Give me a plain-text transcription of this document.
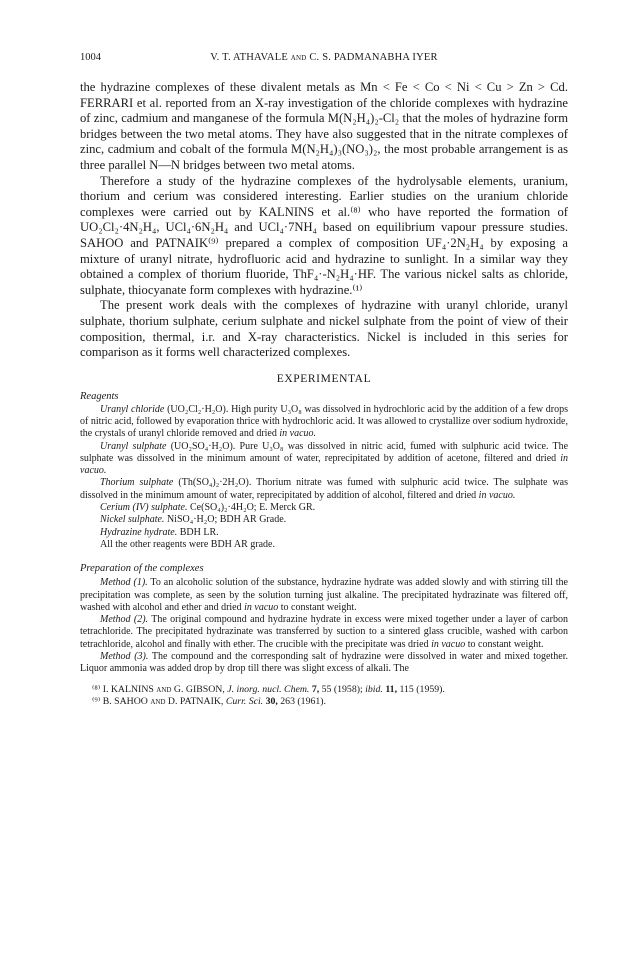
1004	V. T. ATHAVALE and C. S. PADMANABHA IYER

the hydrazine complexes of these divalent metals as Mn < Fe < Co < Ni < Cu > Zn > Cd. FERRARI et al. reported from an X-ray investigation of the chloride complexes with hydrazine of zinc, cadmium and manganese of the formula M(N₂H₄)₂-Cl₂ that the moles of hydrazine form bridges between the two metal atoms. They have also suggested that in the nitrate complexes of zinc, cadmium and cobalt of the formula M(N₂H₄)₃(NO₃)₂, the most probable arrangement is as three parallel N—N bridges between two metal atoms.

Therefore a study of the hydrazine complexes of the hydrolysable elements, uranium, thorium and cerium was considered interesting. Earlier studies on the uranium chloride complexes were carried out by KALNINS et al.⁽⁸⁾ who have reported the formation of UO₂Cl₂·4N₂H₄, UCl₄·6N₂H₄ and UCl₄·7NH₄ based on equilibrium vapour pressure studies. SAHOO and PATNAIK⁽⁹⁾ prepared a complex of composition UF₄·2N₂H₄ by exposing a mixture of uranyl nitrate, hydrofluoric acid and hydrazine to sunlight. In a similar way they obtained a complex of thorium fluoride, ThF₄·-N₂H₄·HF. The various nickel salts as chloride, sulphate, thiocyanate form complexes with hydrazine.⁽¹⁾

The present work deals with the complexes of hydrazine with uranyl chloride, uranyl sulphate, thorium sulphate, cerium sulphate and nickel sulphate from the point of view of their composition, thermal, i.r. and X-ray characteristics. Nickel is included in this series for comparison as it forms well characterized complexes.

EXPERIMENTAL
Reagents

Uranyl chloride (UO₂Cl₂·H₂O). High purity U₃O₈ was dissolved in hydrochloric acid by the addition of a few drops of nitric acid, followed by evaporation thrice with hydrochloric acid. It was allowed to crystallize over sodium hydroxide, the crystals of uranyl chloride removed and dried in vacuo.

Uranyl sulphate (UO₂SO₄·H₂O). Pure U₃O₈ was dissolved in nitric acid, fumed with sulphuric acid twice. The sulphate was dissolved in the minimum amount of water, reprecipitated by addition of acetone, filtered and dried in vacuo.

Thorium sulphate (Th(SO₄)₂·2H₂O). Thorium nitrate was fumed with sulphuric acid twice. The sulphate was dissolved in the minimum amount of water, reprecipitated by addition of alcohol, filtered and dried in vacuo.

Cerium (IV) sulphate. Ce(SO₄)₂·4H₂O; E. Merck GR.

Nickel sulphate. NiSO₄·H₂O; BDH AR Grade.

Hydrazine hydrate. BDH LR.

All the other reagents were BDH AR grade.

Preparation of the complexes

Method (1). To an alcoholic solution of the substance, hydrazine hydrate was added slowly and with stirring till the precipitation was complete, as seen by the solution turning just alkaline. The precipitated hydrazinate was filtered off, washed with alcohol and ether and dried in vacuo to constant weight.

Method (2). The original compound and hydrazine hydrate in excess were mixed together under a layer of carbon tetrachloride. The precipitated hydrazinate was transferred by suction to a sintered glass crucible, washed with carbon tetrachloride, alcohol and finally with ether. The crucible with the precipitate was dried in vacuo to constant weight.

Method (3). The compound and the corresponding salt of hydrazine were dissolved in water and mixed together. Liquor ammonia was added drop by drop till there was slight excess of alkali. The

⁽⁸⁾ I. KALNINS and G. GIBSON, J. inorg. nucl. Chem. 7, 55 (1958); ibid. 11, 115 (1959).

⁽⁹⁾ B. SAHOO and D. PATNAIK, Curr. Sci. 30, 263 (1961).
